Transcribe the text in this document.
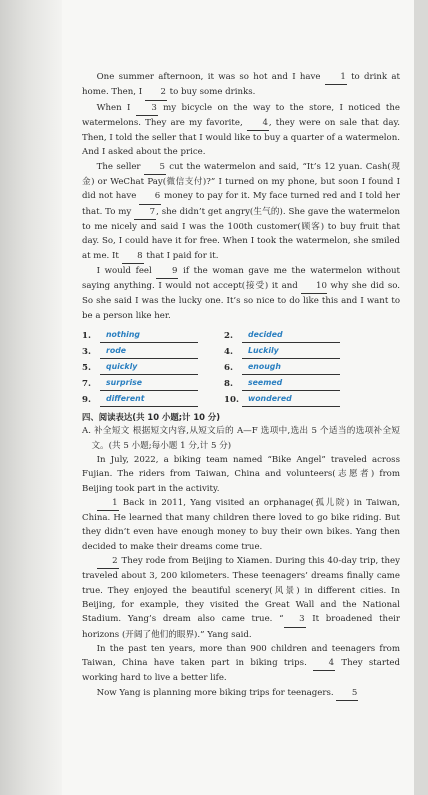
One summer afternoon, it was so hot and I have 1 to drink at home. Then, I 2 to buy some drinks.

When I 3 my bicycle on the way to the store, I noticed the watermelons. They are my favorite, 4, they were on sale that day. Then, I told the seller that I would like to buy a quarter of a watermelon. And I asked about the price.

The seller 5 cut the watermelon and said, “It’s 12 yuan. Cash(现金) or WeChat Pay(微信支付)?” I turned on my phone, but soon I found I did not have 6 money to pay for it. My face turned red and I told her that. To my 7, she didn’t get angry(生气的). She gave the watermelon to me nicely and said I was the 100th customer(顾客) to buy fruit that day. So, I could have it for free. When I took the watermelon, she smiled at me. It 8 that I paid for it.

I would feel 9 if the woman gave me the watermelon without saying anything. I would not accept(接受) it and 10 why she did so. So she said I was the lucky one. It’s so nice to do like this and I want to be a person like her.

1.	nothing	2.	decided
3.	rode	4.	Luckily
5.	quickly	6.	enough
7.	surprise	8.	seemed
9.	different	10.	wondered
四、阅读表达(共 10 小题;计 10 分)

A. 补全短文 根据短文内容,从短文后的 A—F 选项中,选出 5 个适当的选项补全短文。(共 5 小题;每小题 1 分,计 5 分)

In July, 2022, a biking team named “Bike Angel” traveled across Fujian. The riders from Taiwan, China and volunteers(志愿者) from Beijing took part in the activity.

1 Back in 2011, Yang visited an orphanage(孤儿院) in Taiwan, China. He learned that many children there loved to go bike riding. But they didn’t even have enough money to buy their own bikes. Yang then decided to make their dreams come true.

2 They rode from Beijing to Xiamen. During this 40-day trip, they traveled about 3, 200 kilometers. These teenagers’ dreams finally came true. They enjoyed the beautiful scenery(风景) in different cities. In Beijing, for example, they visited the Great Wall and the National Stadium. Yang’s dream also came true. “ 3 It broadened their horizons (开阔了他们的眼界).” Yang said.

In the past ten years, more than 900 children and teenagers from Taiwan, China have taken part in biking trips. 4 They started working hard to live a better life.

Now Yang is planning more biking trips for teenagers. 5
